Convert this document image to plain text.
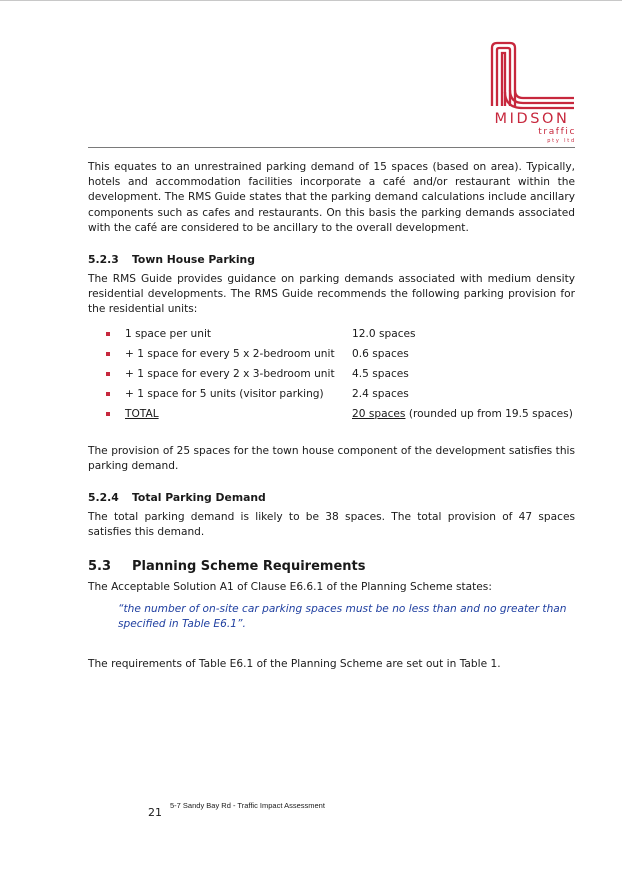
MIDSON
traffic
pty ltd

This equates to an unrestrained parking demand of 15 spaces (based on area). Typically, hotels and accommodation facilities incorporate a café and/or restaurant within the development. The RMS Guide states that the parking demand calculations include ancillary components such as cafes and restaurants. On this basis the parking demands associated with the café are considered to be ancillary to the overall development.

5.2.3 Town House Parking

The RMS Guide provides guidance on parking demands associated with medium density residential developments. The RMS Guide recommends the following parking provision for the residential units:

1 space per unit	12.0 spaces
+ 1 space for every 5 x 2-bedroom unit 0.6 spaces
+ 1 space for every 2 x 3-bedroom unit 4.5 spaces
+ 1 space for 5 units (visitor parking)	2.4 spaces
TOTAL	20 spaces (rounded up from 19.5 spaces)

The provision of 25 spaces for the town house component of the development satisfies this parking demand.

5.2.4 Total Parking Demand

The total parking demand is likely to be 38 spaces. The total provision of 47 spaces satisfies this demand.

5.3 Planning Scheme Requirements

The Acceptable Solution A1 of Clause E6.6.1 of the Planning Scheme states:

“the number of on-site car parking spaces must be no less than and no greater than specified in Table E6.1”.

The requirements of Table E6.1 of the Planning Scheme are set out in Table 1.

21
5-7 Sandy Bay Rd - Traffic Impact Assessment
